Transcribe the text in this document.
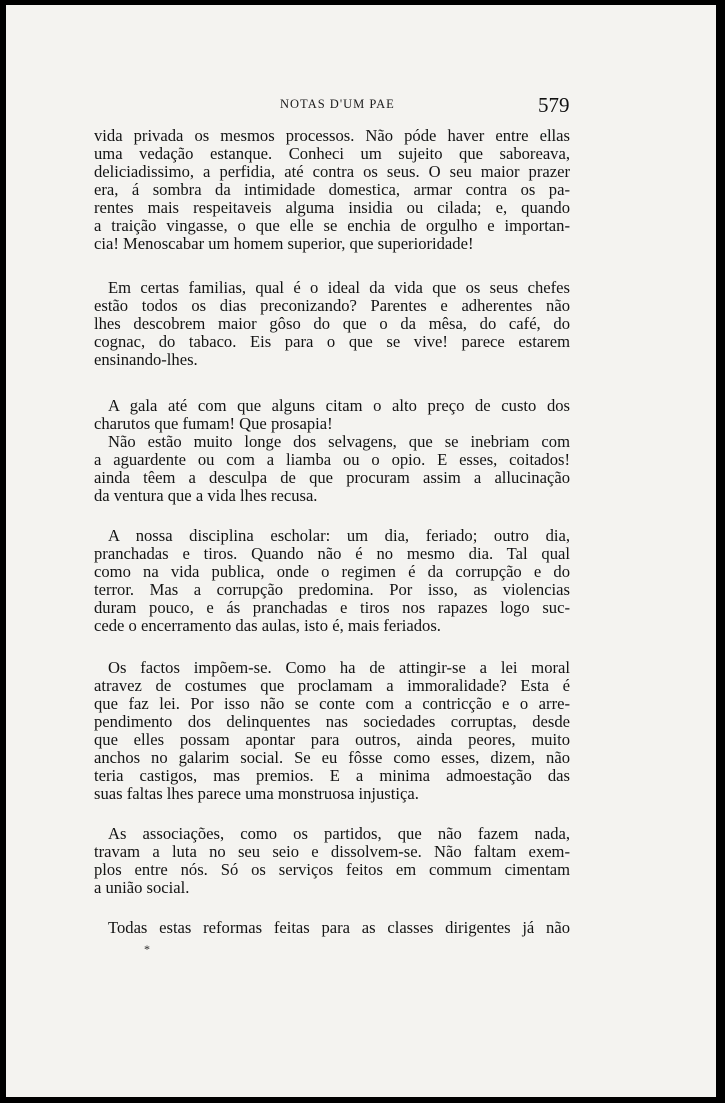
NOTAS D'UM PAE	579
vida privada os mesmos processos. Não póde haver entre ellas
uma vedação estanque. Conheci um sujeito que saboreava,
deliciadissimo, a perfidia, até contra os seus. O seu maior prazer
era, á sombra da intimidade domestica, armar contra os pa-
rentes mais respeitaveis alguma insidia ou cilada; e, quando
a traição vingasse, o que elle se enchia de orgulho e importan-
cia! Menoscabar um homem superior, que superioridade!
Em certas familias, qual é o ideal da vida que os seus chefes
estão todos os dias preconizando? Parentes e adherentes não
lhes descobrem maior gôso do que o da mêsa, do café, do
cognac, do tabaco. Eis para o que se vive! parece estarem
ensinando-lhes.
A gala até com que alguns citam o alto preço de custo dos
charutos que fumam! Que prosapia!
Não estão muito longe dos selvagens, que se inebriam com
a aguardente ou com a liamba ou o opio. E esses, coitados!
ainda têem a desculpa de que procuram assim a allucinação
da ventura que a vida lhes recusa.
A nossa disciplina escholar: um dia, feriado; outro dia,
pranchadas e tiros. Quando não é no mesmo dia. Tal qual
como na vida publica, onde o regimen é da corrupção e do
terror. Mas a corrupção predomina. Por isso, as violencias
duram pouco, e ás pranchadas e tiros nos rapazes logo suc-
cede o encerramento das aulas, isto é, mais feriados.
Os factos impõem-se. Como ha de attingir-se a lei moral
atravez de costumes que proclamam a immoralidade? Esta é
que faz lei. Por isso não se conte com a contricção e o arre-
pendimento dos delinquentes nas sociedades corruptas, desde
que elles possam apontar para outros, ainda peores, muito
anchos no galarim social. Se eu fôsse como esses, dizem, não
teria castigos, mas premios. E a minima admoestação das
suas faltas lhes parece uma monstruosa injustiça.
As associações, como os partidos, que não fazem nada,
travam a luta no seu seio e dissolvem-se. Não faltam exem-
plos entre nós. Só os serviços feitos em commum cimentam
a união social.
Todas estas reformas feitas para as classes dirigentes já não
*
